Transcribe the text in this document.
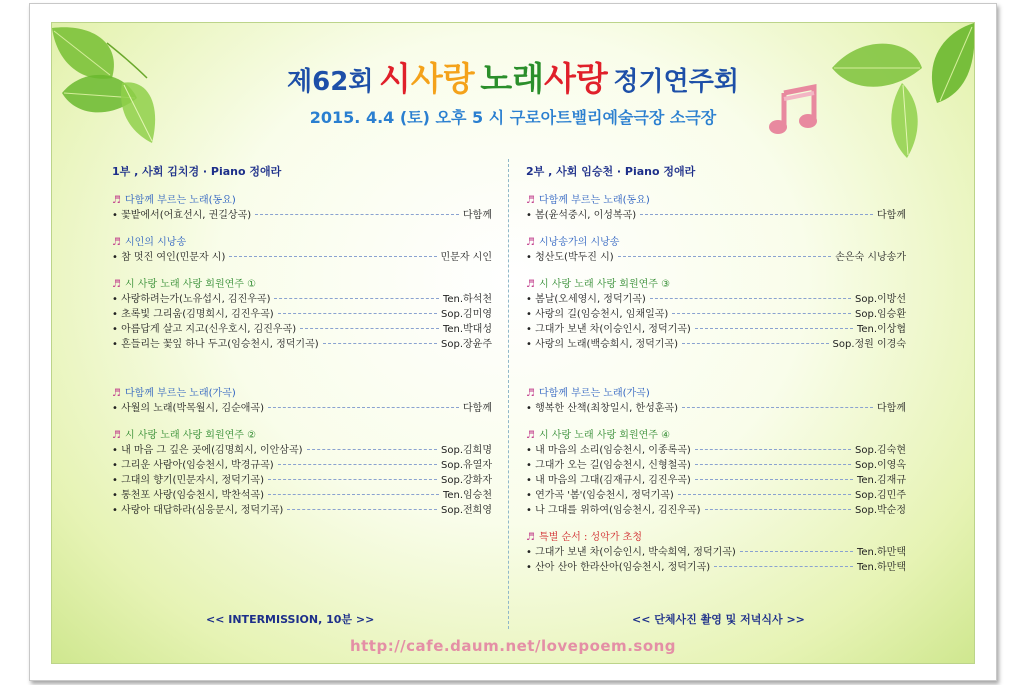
제62회 시사랑 노래사랑 정기연주회
2015. 4.4 (토) 오후 5 시 구로아트밸리예술극장 소극장
1부 , 사회 김치경 · Piano 정애라
♬ 다함께 부르는 노래(동요)
• 꽃밭에서(어효선시, 권길상곡)	다함께
♬ 시인의 시낭송
• 참 멋진 여인(민문자 시)	민문자 시인
♬ 시 사랑 노래 사랑 회원연주 ①
• 사랑하려는가(노유섭시, 김진우곡)	Ten.하석천
• 초록빛 그리움(김명희시, 김진우곡)	Sop.김미영
• 아름답게 살고 지고(신우호시, 김진우곡)	Ten.박대성
• 흔들리는 꽃잎 하나 두고(임승천시, 정덕기곡)	Sop.장윤주
♬ 다함께 부르는 노래(가곡)
• 사월의 노래(박목월시, 김순애곡)	다함께
♬ 시 사랑 노래 사랑 회원연주 ②
• 내 마음 그 깊은 곳에(김명희시, 이안삼곡)	Sop.김희명
• 그리운 사람아(임승천시, 박경규곡)	Sop.유열자
• 그대의 향기(민문자시, 정덕기곡)	Sop.강화자
• 통천포 사랑(임승천시, 박찬석곡)	Ten.임승천
• 사랑아 대답하라(심응문시, 정덕기곡)	Sop.전희영
2부 , 사회 임승천 · Piano 정애라
♬ 다함께 부르는 노래(동요)
• 봄(윤석중시, 이성복곡)	다함께
♬ 시낭송가의 시낭송
• 청산도(박두진 시)	손은숙 시낭송가
♬ 시 사랑 노래 사랑 회원연주 ③
• 봄날(오세영시, 정덕기곡)	Sop.이방선
• 사랑의 길(임승천시, 임채일곡)	Sop.임승환
• 그대가 보낸 차(이승인시, 정덕기곡)	Ten.이상협
• 사랑의 노래(백승희시, 정덕기곡)	Sop.정원 이경숙
♬ 다함께 부르는 노래(가곡)
• 행복한 산책(최창일시, 한성훈곡)	다함께
♬ 시 사랑 노래 사랑 회원연주 ④
• 내 마음의 소리(임승천시, 이종록곡)	Sop.김숙현
• 그대가 오는 길(임승천시, 신형철곡)	Sop.이영옥
• 내 마음의 그대(김재규시, 김진우곡)	Ten.김재규
• 연가곡 '봄'(임승천시, 정덕기곡)	Sop.김민주
• 나 그대를 위하여(임승천시, 김진우곡)	Sop.박순정
♬ 특별 순서 : 성악가 초청
• 그대가 보낸 차(이승인시, 박숙희역, 정덕기곡)	Ten.하만택
• 산아 산아 한라산아(임승천시, 정덕기곡)	Ten.하만택
<< INTERMISSION, 10분 >>	<< 단체사진 촬영 및 저녁식사 >>
http://cafe.daum.net/lovepoem.song
